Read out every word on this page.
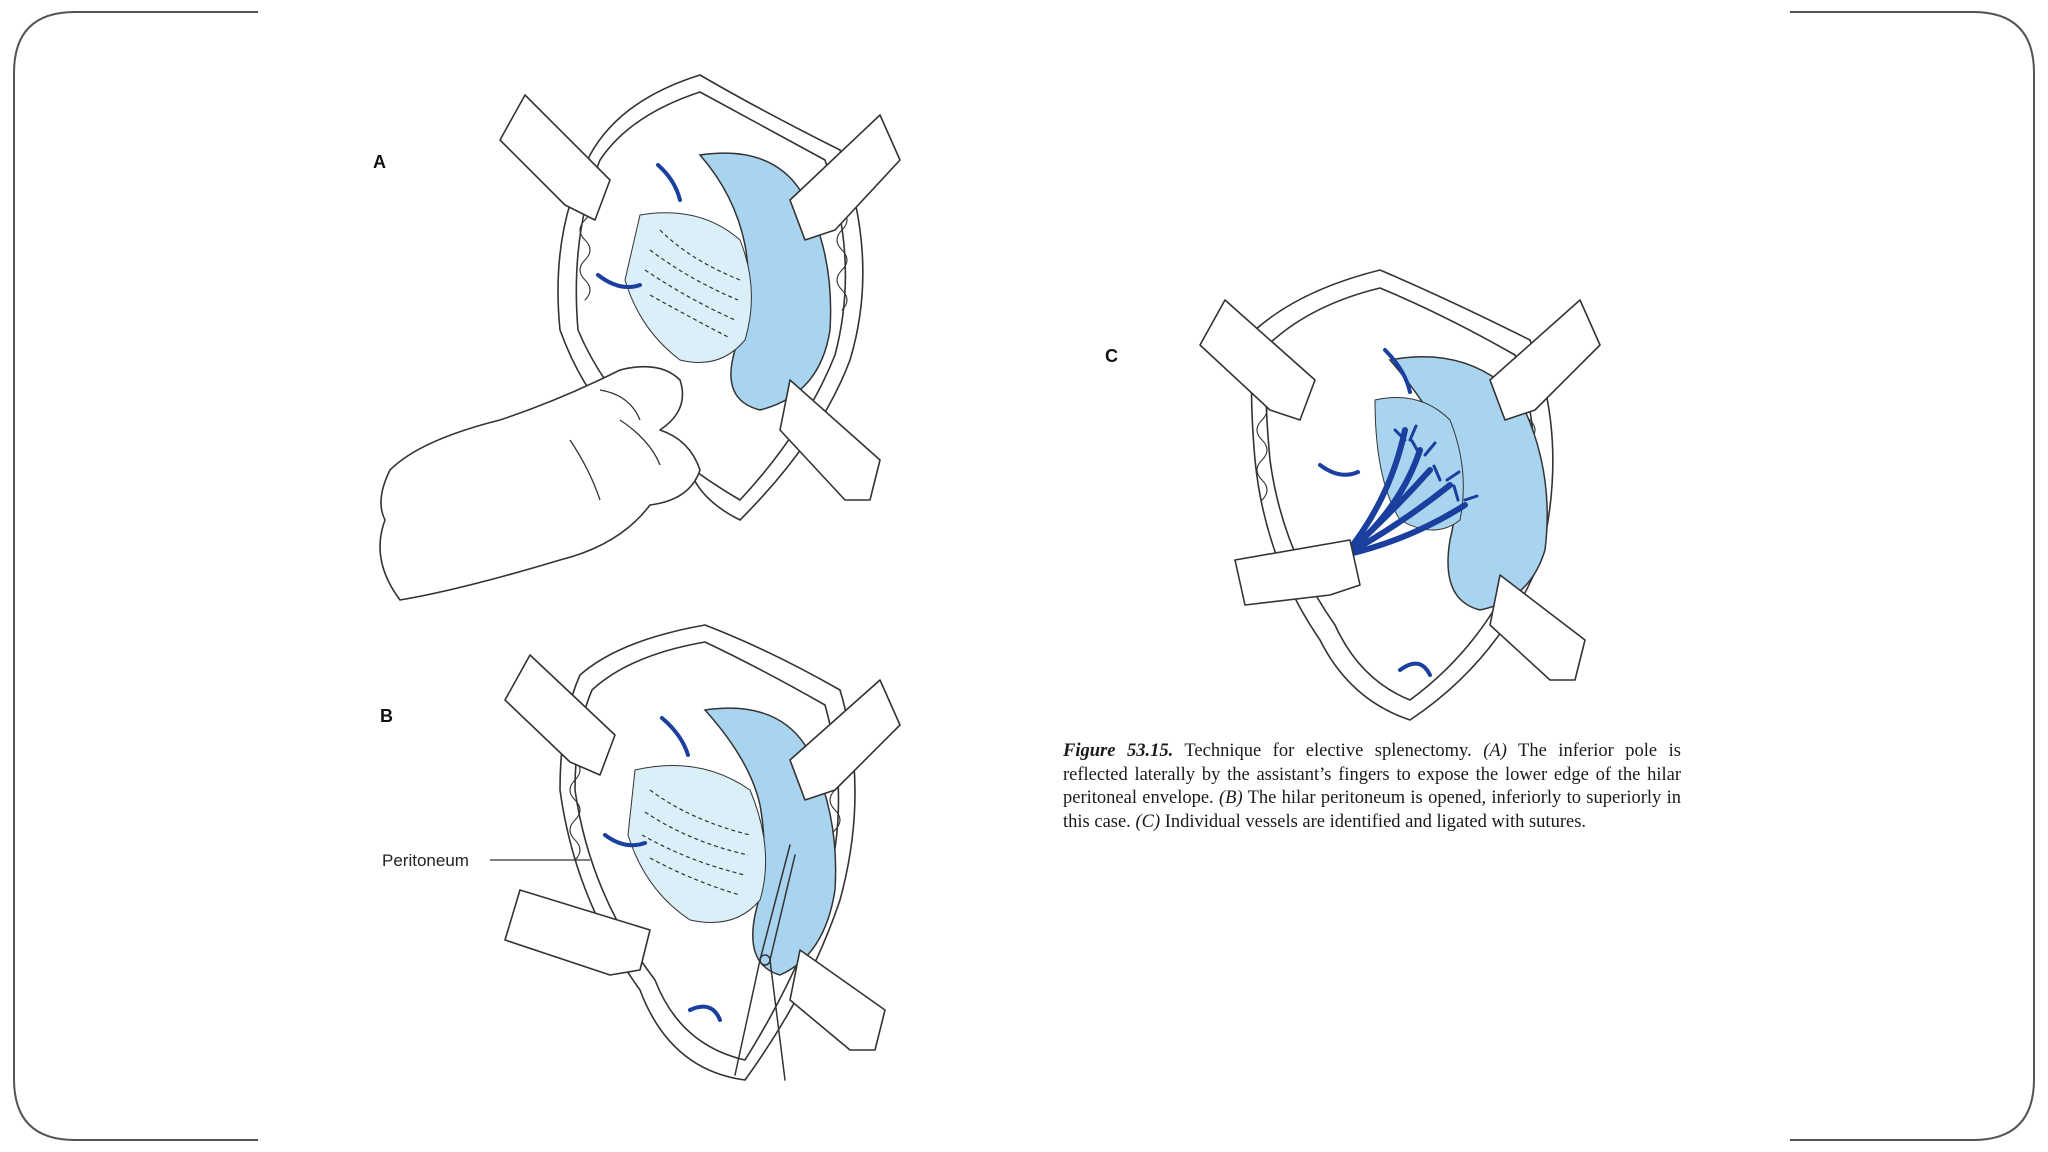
A
B
Peritoneum
C
Figure 53.15. Technique for elective splenectomy. (A) The inferior pole is reflected laterally by the assistant’s fingers to expose the lower edge of the hilar peritoneal envelope. (B) The hilar peritoneum is opened, inferiorly to superiorly in this case. (C) Individual vessels are identified and ligated with sutures.
